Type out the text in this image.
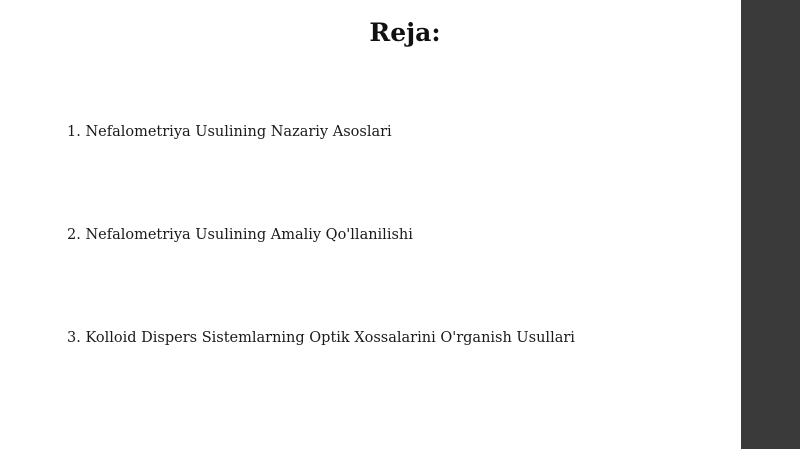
Reja:

1. Nefalometriya Usulining Nazariy Asoslari

2. Nefalometriya Usulining Amaliy Qo'llanilishi

3. Kolloid Dispers Sistemlarning Optik Xossalarini O'rganish Usullari
